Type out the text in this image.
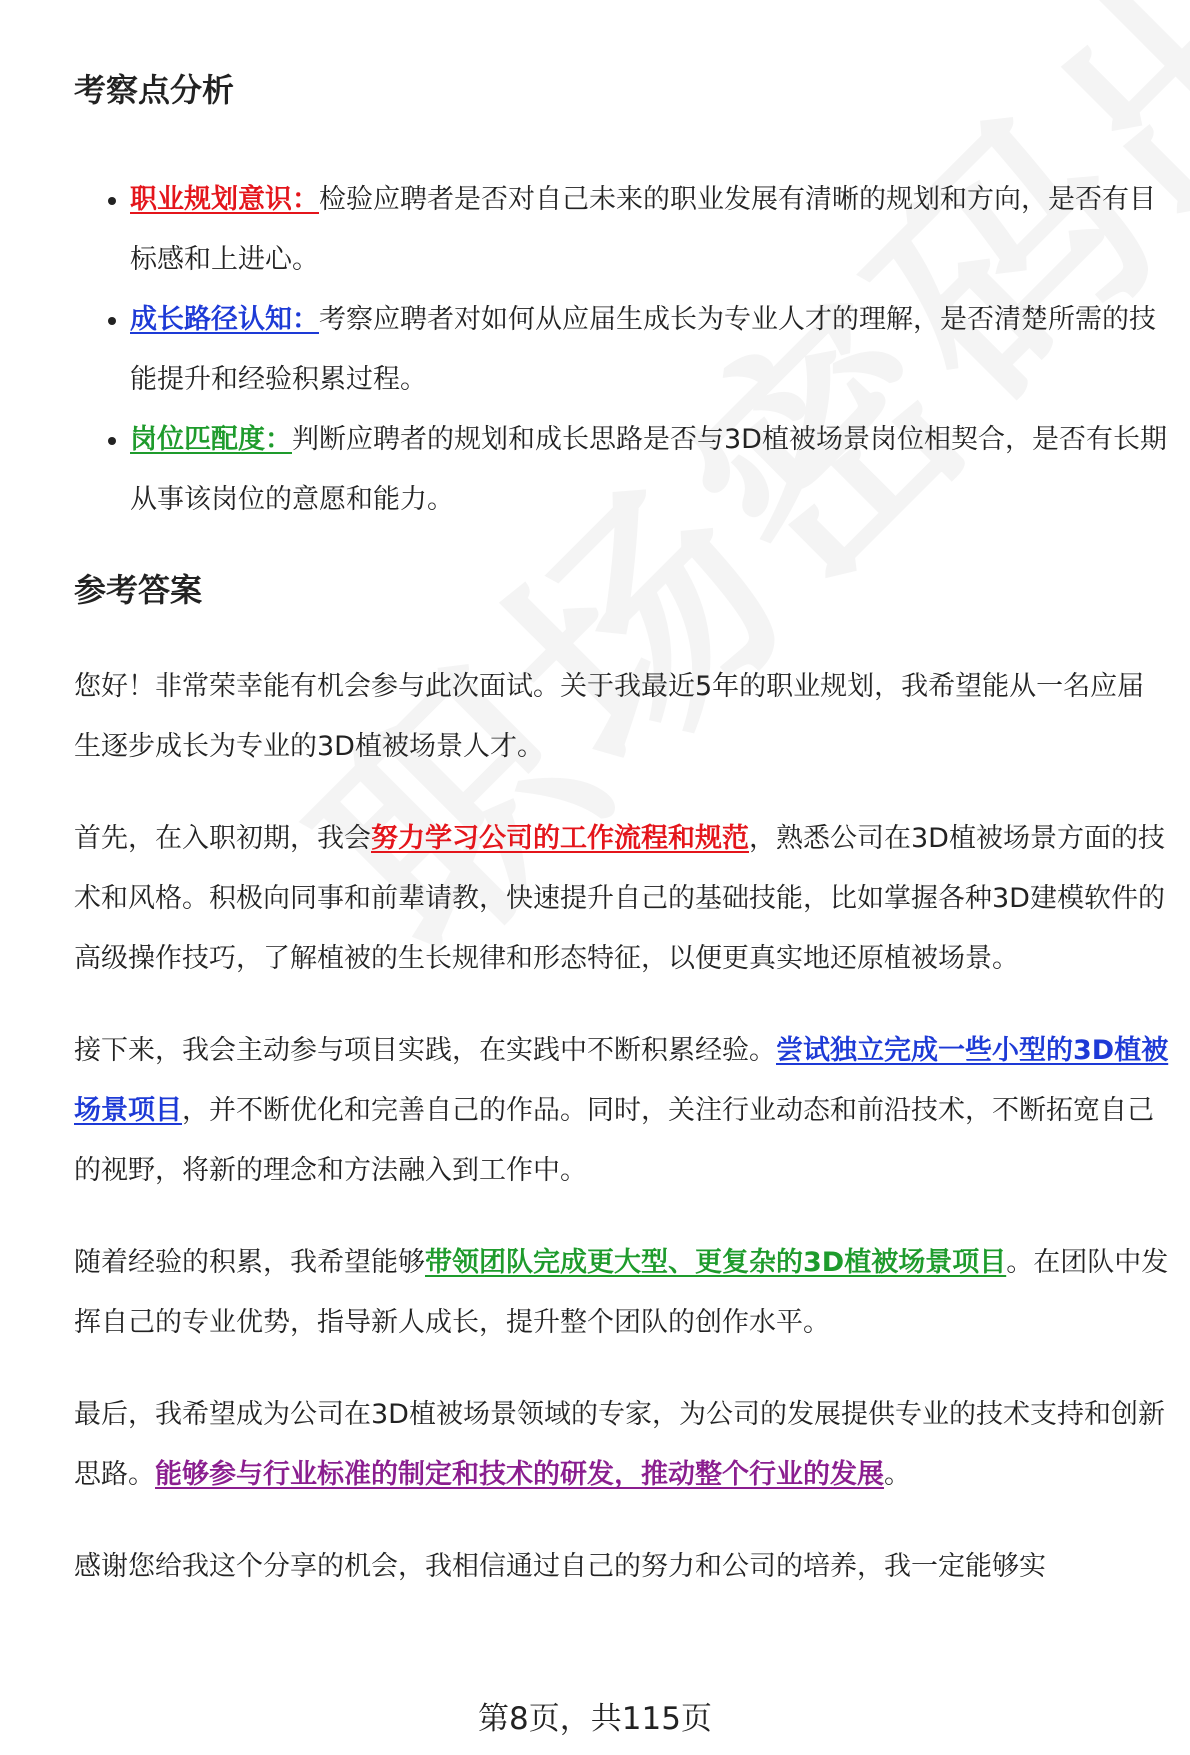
考察点分析
职业规划意识：检验应聘者是否对自己未来的职业发展有清晰的规划和方向，是否有目标感和上进心。
成长路径认知：考察应聘者对如何从应届生成长为专业人才的理解，是否清楚所需的技能提升和经验积累过程。
岗位匹配度：判断应聘者的规划和成长思路是否与3D植被场景岗位相契合，是否有长期从事该岗位的意愿和能力。
参考答案

您好！非常荣幸能有机会参与此次面试。关于我最近5年的职业规划，我希望能从一名应届生逐步成长为专业的3D植被场景人才。

首先，在入职初期，我会努力学习公司的工作流程和规范，熟悉公司在3D植被场景方面的技术和风格。积极向同事和前辈请教，快速提升自己的基础技能，比如掌握各种3D建模软件的高级操作技巧，了解植被的生长规律和形态特征，以便更真实地还原植被场景。

接下来，我会主动参与项目实践，在实践中不断积累经验。尝试独立完成一些小型的3D植被场景项目，并不断优化和完善自己的作品。同时，关注行业动态和前沿技术，不断拓宽自己的视野，将新的理念和方法融入到工作中。

随着经验的积累，我希望能够带领团队完成更大型、更复杂的3D植被场景项目。在团队中发挥自己的专业优势，指导新人成长，提升整个团队的创作水平。

最后，我希望成为公司在3D植被场景领域的专家，为公司的发展提供专业的技术支持和创新思路。能够参与行业标准的制定和技术的研发，推动整个行业的发展。

感谢您给我这个分享的机会，我相信通过自己的努力和公司的培养，我一定能够实

第8页，共115页
